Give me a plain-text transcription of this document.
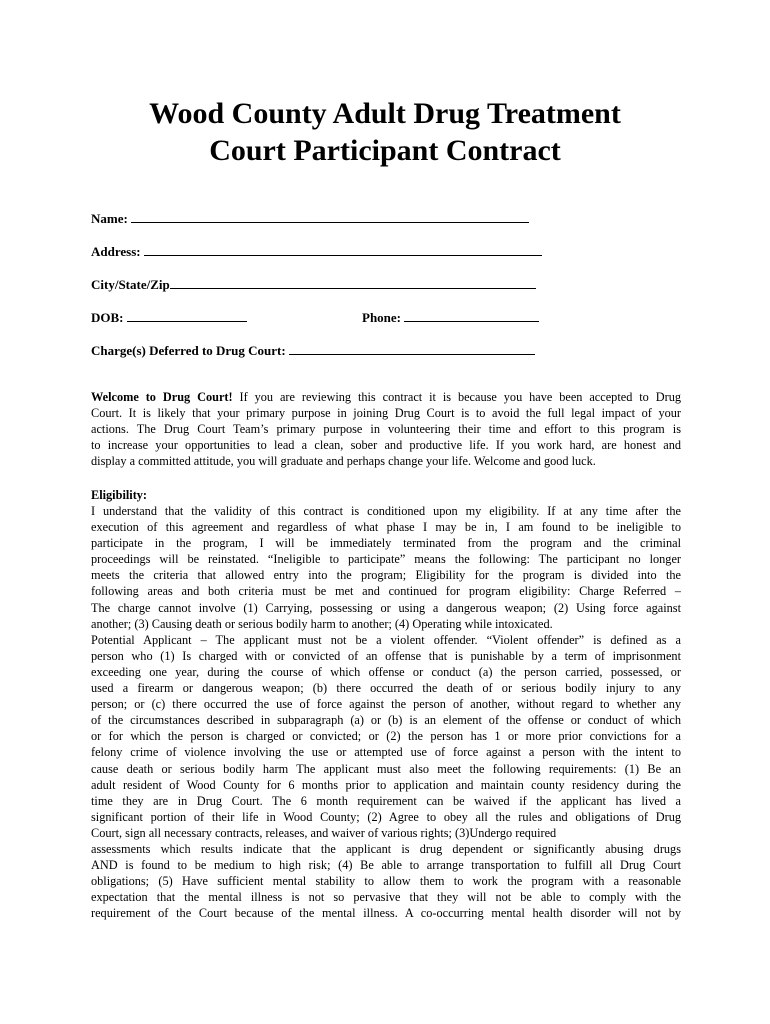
Wood County Adult Drug Treatment
Court Participant Contract

Name:

Address:

City/State/Zip

DOB:	Phone:

Charge(s) Deferred to Drug Court:

Welcome to Drug Court! If you are reviewing this contract it is because you have been accepted to Drug
Court. It is likely that your primary purpose in joining Drug Court is to avoid the full legal impact of your
actions. The Drug Court Team’s primary purpose in volunteering their time and effort to this program is
to increase your opportunities to lead a clean, sober and productive life. If you work hard, are honest and
display a committed attitude, you will graduate and perhaps change your life. Welcome and good luck.

Eligibility:

I understand that the validity of this contract is conditioned upon my eligibility. If at any time after the
execution of this agreement and regardless of what phase I may be in, I am found to be ineligible to
participate in the program, I will be immediately terminated from the program and the criminal
proceedings will be reinstated. “Ineligible to participate” means the following: The participant no longer
meets the criteria that allowed entry into the program; Eligibility for the program is divided into the
following areas and both criteria must be met and continued for program eligibility: Charge Referred –
The charge cannot involve (1) Carrying, possessing or using a dangerous weapon; (2) Using force against
another; (3) Causing death or serious bodily harm to another; (4) Operating while intoxicated.
Potential Applicant – The applicant must not be a violent offender. “Violent offender” is defined as a
person who (1) Is charged with or convicted of an offense that is punishable by a term of imprisonment
exceeding one year, during the course of which offense or conduct (a) the person carried, possessed, or
used a firearm or dangerous weapon; (b) there occurred the death of or serious bodily injury to any
person; or (c) there occurred the use of force against the person of another, without regard to whether any
of the circumstances described in subparagraph (a) or (b) is an element of the offense or conduct of which
or for which the person is charged or convicted; or (2) the person has 1 or more prior convictions for a
felony crime of violence involving the use or attempted use of force against a person with the intent to
cause death or serious bodily harm The applicant must also meet the following requirements: (1) Be an
adult resident of Wood County for 6 months prior to application and maintain county residency during the
time they are in Drug Court. The 6 month requirement can be waived if the applicant has lived a
significant portion of their life in Wood County; (2) Agree to obey all the rules and obligations of Drug
Court, sign all necessary contracts, releases, and waiver of various rights; (3)Undergo required
assessments which results indicate that the applicant is drug dependent or significantly abusing drugs
AND is found to be medium to high risk; (4) Be able to arrange transportation to fulfill all Drug Court
obligations; (5) Have sufficient mental stability to allow them to work the program with a reasonable
expectation that the mental illness is not so pervasive that they will not be able to comply with the
requirement of the Court because of the mental illness. A co-occurring mental health disorder will not by
